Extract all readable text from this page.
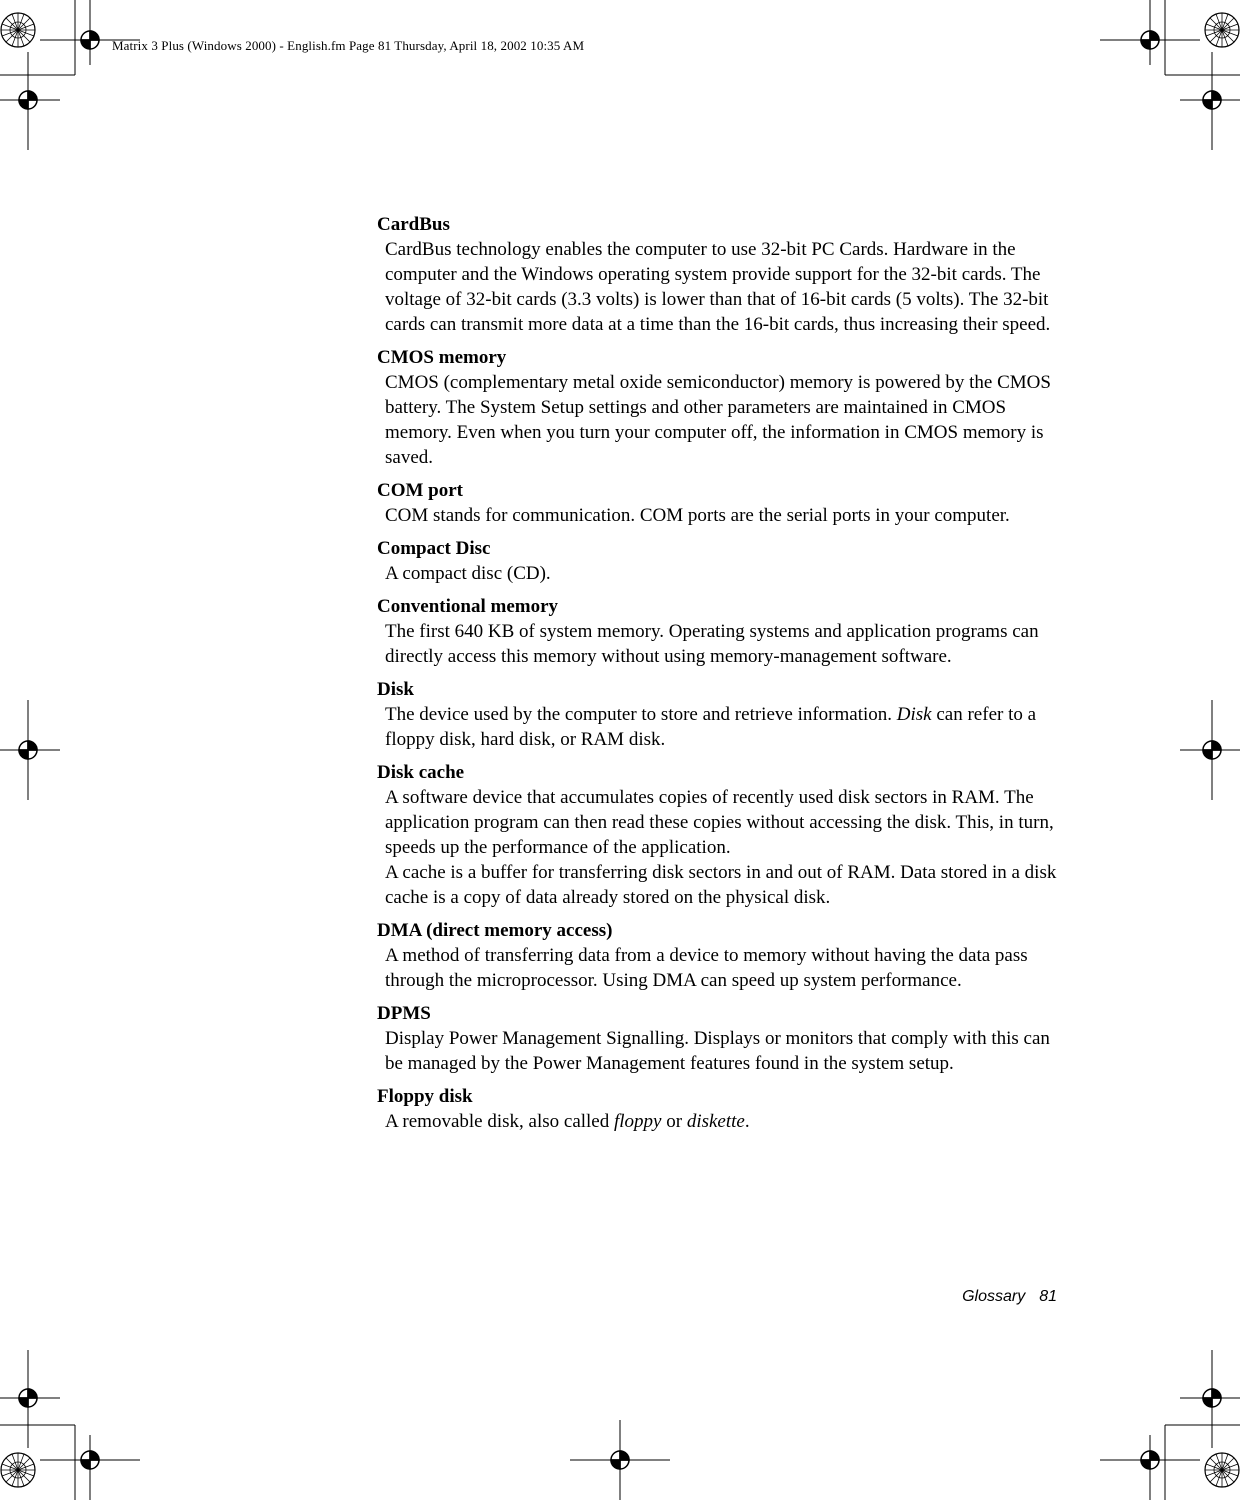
Matrix 3 Plus (Windows 2000) - English.fm Page 81 Thursday, April 18, 2002 10:35 AM
CardBus

CardBus technology enables the computer to use 32-bit PC Cards. Hardware in the computer and the Windows operating system provide support for the 32-bit cards. The voltage of 32-bit cards (3.3 volts) is lower than that of 16-bit cards (5 volts). The 32-bit cards can transmit more data at a time than the 16-bit cards, thus increasing their speed.

CMOS memory

CMOS (complementary metal oxide semiconductor) memory is powered by the CMOS battery. The System Setup settings and other parameters are maintained in CMOS memory. Even when you turn your computer off, the information in CMOS memory is saved.

COM port

COM stands for communication. COM ports are the serial ports in your computer.

Compact Disc

A compact disc (CD).

Conventional memory

The first 640 KB of system memory. Operating systems and application programs can directly access this memory without using memory-management software.

Disk

The device used by the computer to store and retrieve information. Disk can refer to a floppy disk, hard disk, or RAM disk.

Disk cache

A software device that accumulates copies of recently used disk sectors in RAM. The application program can then read these copies without accessing the disk. This, in turn, speeds up the performance of the application.

A cache is a buffer for transferring disk sectors in and out of RAM. Data stored in a disk cache is a copy of data already stored on the physical disk.

DMA (direct memory access)

A method of transferring data from a device to memory without having the data pass through the microprocessor. Using DMA can speed up system performance.

DPMS

Display Power Management Signalling. Displays or monitors that comply with this can be managed by the Power Management features found in the system setup.

Floppy disk

A removable disk, also called floppy or diskette.

Glossary 81
